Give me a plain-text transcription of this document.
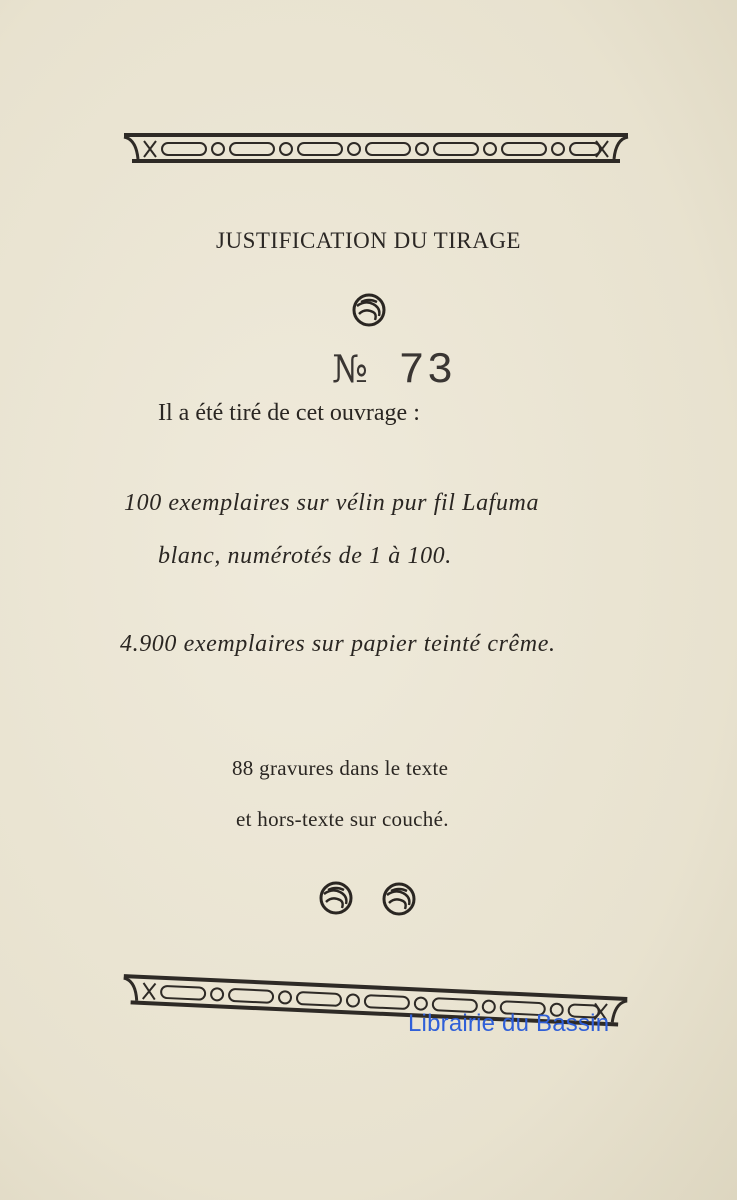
JUSTIFICATION DU TIRAGE
№ 73
Il a été tiré de cet ouvrage :
100 exemplaires sur vélin pur fil Lafuma
blanc, numérotés de 1 à 100.
4.900 exemplaires sur papier teinté crême.
88 gravures dans le texte
et hors-texte sur couché.
Librairie du Bassin
